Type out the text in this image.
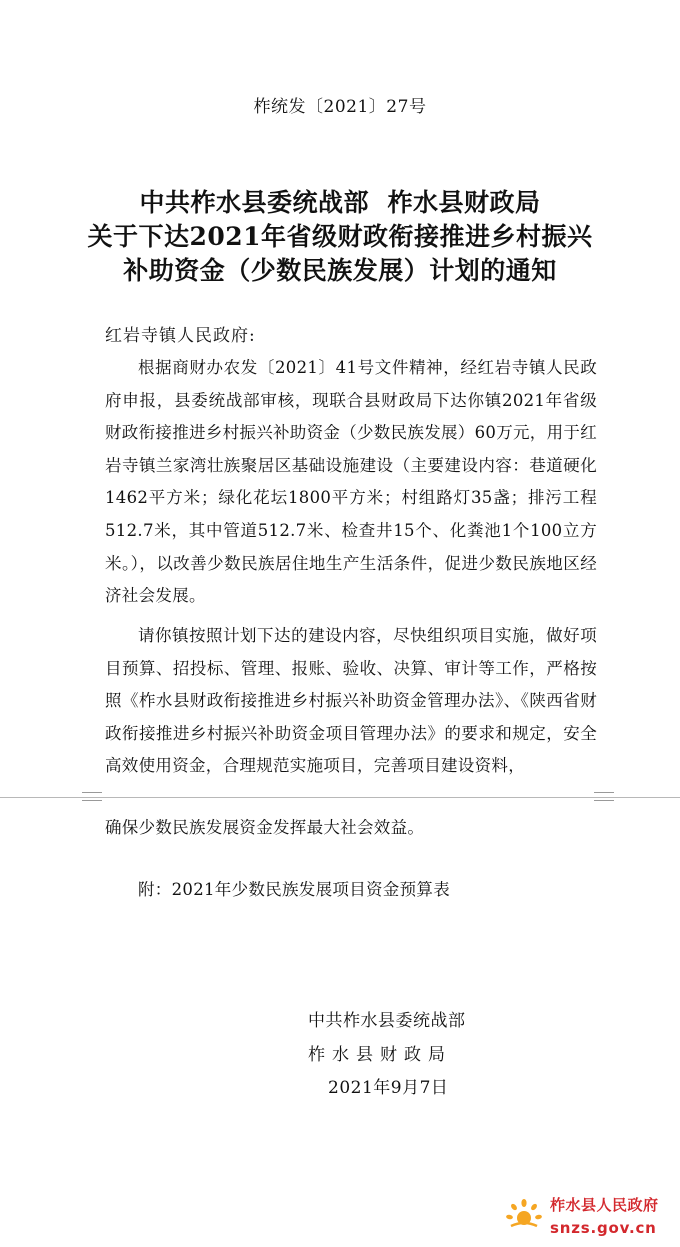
柞统发〔2021〕27号
中共柞水县委统战部  柞水县财政局
关于下达2021年省级财政衔接推进乡村振兴
补助资金（少数民族发展）计划的通知
红岩寺镇人民政府:
根据商财办农发〔2021〕41号文件精神，经红岩寺镇人民政府申报，县委统战部审核，现联合县财政局下达你镇2021年省级财政衔接推进乡村振兴补助资金（少数民族发展）60万元，用于红岩寺镇兰家湾壮族聚居区基础设施建设（主要建设内容：巷道硬化1462平方米；绿化花坛1800平方米；村组路灯35盏；排污工程512.7米，其中管道512.7米、检查井15个、化粪池1个100立方米。），以改善少数民族居住地生产生活条件，促进少数民族地区经济社会发展。
请你镇按照计划下达的建设内容，尽快组织项目实施，做好项目预算、招投标、管理、报账、验收、决算、审计等工作，严格按照《柞水县财政衔接推进乡村振兴补助资金管理办法》、《陕西省财政衔接推进乡村振兴补助资金项目管理办法》的要求和规定，安全高效使用资金，合理规范实施项目，完善项目建设资料，
确保少数民族发展资金发挥最大社会效益。
附：2021年少数民族发展项目资金预算表
中共柞水县委统战部
柞水县财政局
2021年9月7日
柞水县人民政府
snzs.gov.cn
